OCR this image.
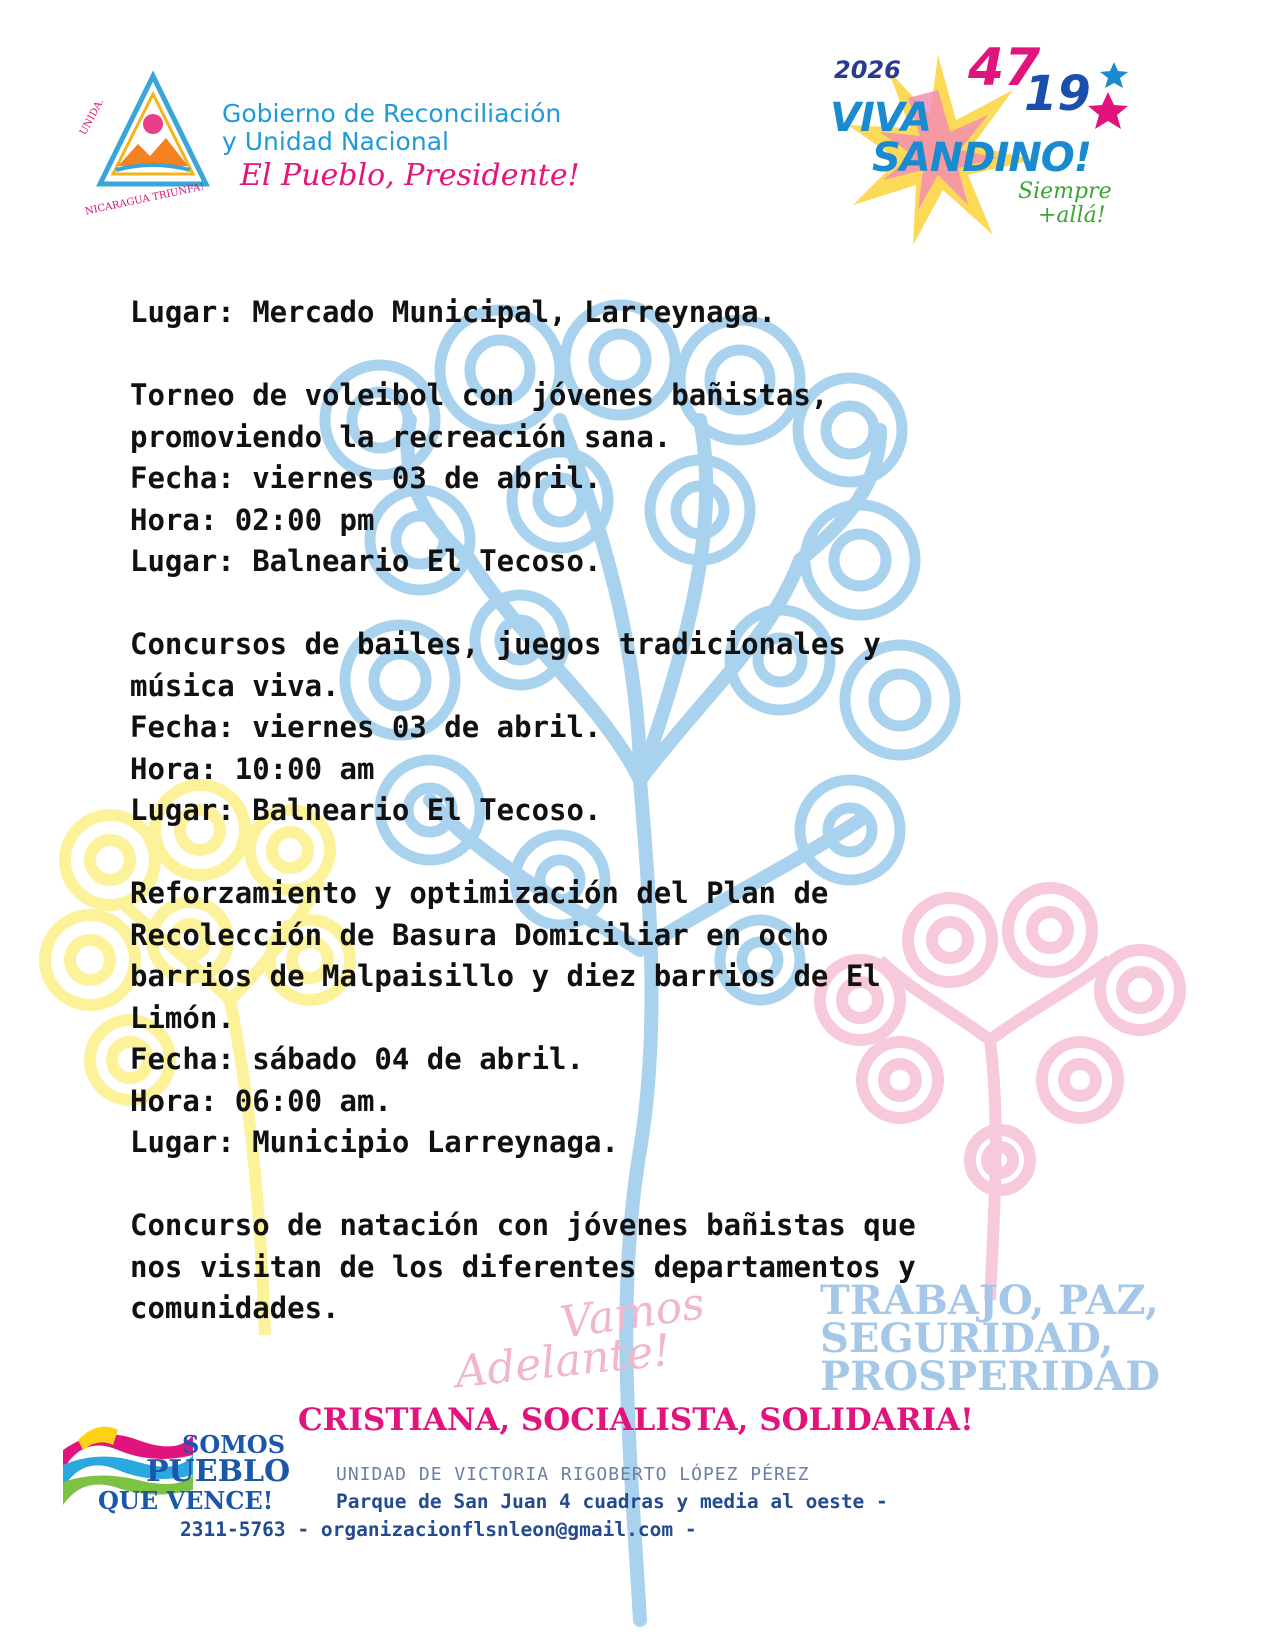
UNIDA.
NICARAGUA TRIUNFA!
Gobierno de Reconciliación
y Unidad Nacional
El Pueblo, Presidente!
2026 47
19
VIVA
SANDINO!
Siempre
+allá!
Lugar: Mercado Municipal, Larreynaga.
Torneo de voleibol con jóvenes bañistas,
promoviendo la recreación sana.
Fecha: viernes 03 de abril.
Hora: 02:00 pm
Lugar: Balneario El Tecoso.
Concursos de bailes, juegos tradicionales y
música viva.
Fecha: viernes 03 de abril.
Hora: 10:00 am
Lugar: Balneario El Tecoso.
Reforzamiento y optimización del Plan de
Recolección de Basura Domiciliar en ocho
barrios de Malpaisillo y diez barrios de El
Limón.
Fecha: sábado 04 de abril.
Hora: 06:00 am.
Lugar: Municipio Larreynaga.
Concurso de natación con jóvenes bañistas que
nos visitan de los diferentes departamentos y
comunidades.	Vamos
Adelante!
TRABAJO, PAZ,
SEGURIDAD,
PROSPERIDAD
CRISTIANA, SOCIALISTA, SOLIDARIA!
SOMOS
PUEBLO
QUE VENCE!
UNIDAD DE VICTORIA RIGOBERTO LÓPEZ PÉREZ
Parque de San Juan 4 cuadras y media al oeste -
2311-5763 - organizacionflsnleon@gmail.com -
